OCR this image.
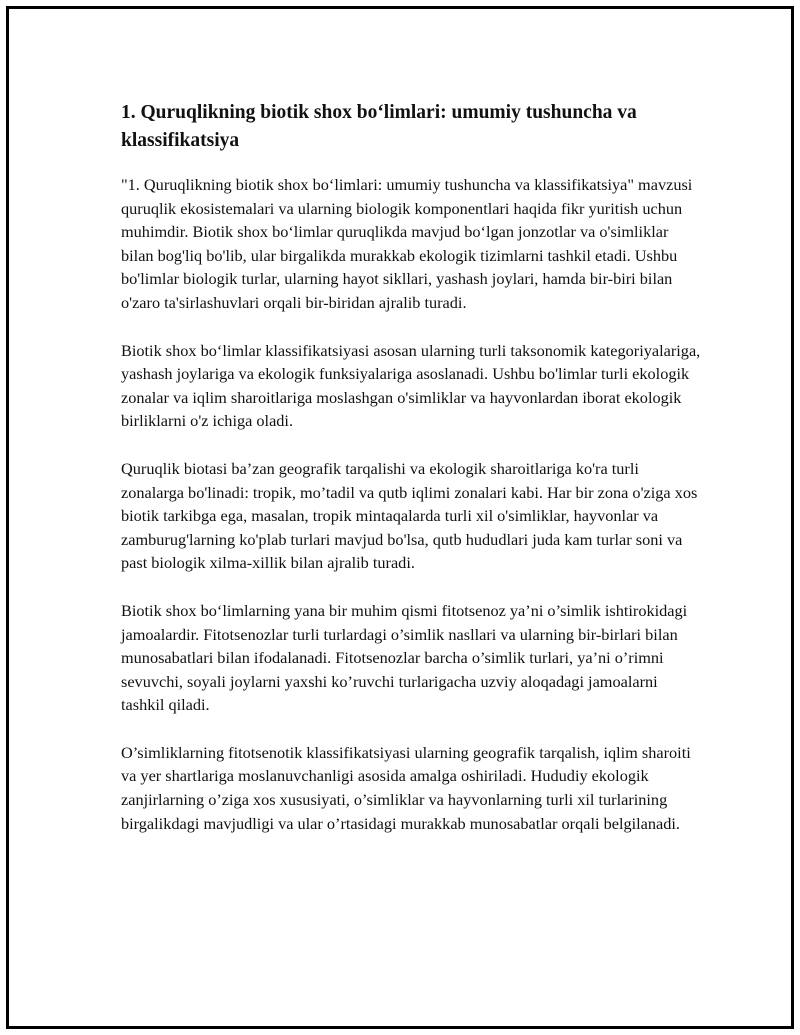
1. Quruqlikning biotik shox bo‘limlari: umumiy tushuncha va klassifikatsiya

"1. Quruqlikning biotik shox bo‘limlari: umumiy tushuncha va klassifikatsiya" mavzusi quruqlik ekosistemalari va ularning biologik komponentlari haqida fikr yuritish uchun muhimdir. Biotik shox bo‘limlar quruqlikda mavjud bo‘lgan jonzotlar va o'simliklar bilan bog'liq bo'lib, ular birgalikda murakkab ekologik tizimlarni tashkil etadi. Ushbu bo'limlar biologik turlar, ularning hayot sikllari, yashash joylari, hamda bir-biri bilan o'zaro ta'sirlashuvlari orqali bir-biridan ajralib turadi.

Biotik shox bo‘limlar klassifikatsiyasi asosan ularning turli taksonomik kategoriyalariga, yashash joylariga va ekologik funksiyalariga asoslanadi. Ushbu bo'limlar turli ekologik zonalar va iqlim sharoitlariga moslashgan o'simliklar va hayvonlardan iborat ekologik birliklarni o'z ichiga oladi.

Quruqlik biotasi ba’zan geografik tarqalishi va ekologik sharoitlariga ko'ra turli zonalarga bo'linadi: tropik, mo’tadil va qutb iqlimi zonalari kabi. Har bir zona o'ziga xos biotik tarkibga ega, masalan, tropik mintaqalarda turli xil o'simliklar, hayvonlar va zamburug'larning ko'plab turlari mavjud bo'lsa, qutb hududlari juda kam turlar soni va past biologik xilma-xillik bilan ajralib turadi.

Biotik shox bo‘limlarning yana bir muhim qismi fitotsenoz ya’ni o’simlik ishtirokidagi jamoalardir. Fitotsenozlar turli turlardagi o’simlik nasllari va ularning bir-birlari bilan munosabatlari bilan ifodalanadi. Fitotsenozlar barcha o’simlik turlari, ya’ni o’rimni sevuvchi, soyali joylarni yaxshi ko’ruvchi turlarigacha uzviy aloqadagi jamoalarni tashkil qiladi.

O’simliklarning fitotsenotik klassifikatsiyasi ularning geografik tarqalish, iqlim sharoiti va yer shartlariga moslanuvchanligi asosida amalga oshiriladi. Hududiy ekologik zanjirlarning o’ziga xos xususiyati, o’simliklar va hayvonlarning turli xil turlarining birgalikdagi mavjudligi va ular o’rtasidagi murakkab munosabatlar orqali belgilanadi.
